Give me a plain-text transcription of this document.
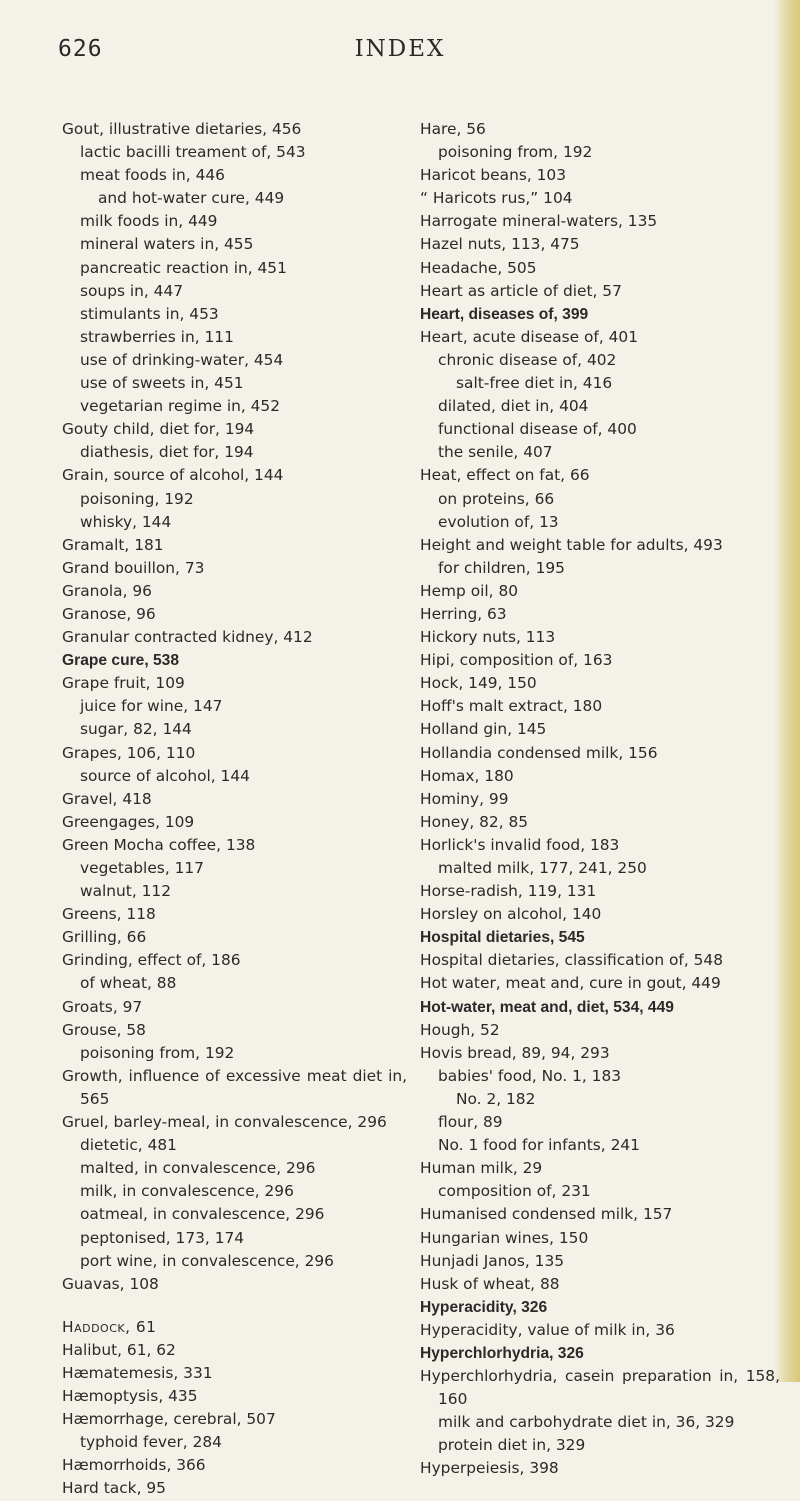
626	INDEX
Gout, illustrative dietaries, 456
lactic bacilli treament of, 543
meat foods in, 446
and hot-water cure, 449
milk foods in, 449
mineral waters in, 455
pancreatic reaction in, 451
soups in, 447
stimulants in, 453
strawberries in, 111
use of drinking-water, 454
use of sweets in, 451
vegetarian regime in, 452
Gouty child, diet for, 194
diathesis, diet for, 194
Grain, source of alcohol, 144
poisoning, 192
whisky, 144
Gramalt, 181
Grand bouillon, 73
Granola, 96
Granose, 96
Granular contracted kidney, 412
Grape cure, 538
Grape fruit, 109
juice for wine, 147
sugar, 82, 144
Grapes, 106, 110
source of alcohol, 144
Gravel, 418
Greengages, 109
Green Mocha coffee, 138
vegetables, 117
walnut, 112
Greens, 118
Grilling, 66
Grinding, effect of, 186
of wheat, 88
Groats, 97
Grouse, 58
poisoning from, 192
Growth, influence of excessive meat diet in, 565
Gruel, barley-meal, in convalescence, 296
dietetic, 481
malted, in convalescence, 296
milk, in convalescence, 296
oatmeal, in convalescence, 296
peptonised, 173, 174
port wine, in convalescence, 296
Guavas, 108
Haddock, 61
Halibut, 61, 62
Hæmatemesis, 331
Hæmoptysis, 435
Hæmorrhage, cerebral, 507
typhoid fever, 284
Hæmorrhoids, 366
Hard tack, 95
Hare, 56
poisoning from, 192
Haricot beans, 103
“ Haricots rus,” 104
Harrogate mineral-waters, 135
Hazel nuts, 113, 475
Headache, 505
Heart as article of diet, 57
Heart, diseases of, 399
Heart, acute disease of, 401
chronic disease of, 402
salt-free diet in, 416
dilated, diet in, 404
functional disease of, 400
the senile, 407
Heat, effect on fat, 66
on proteins, 66
evolution of, 13
Height and weight table for adults, 493
for children, 195
Hemp oil, 80
Herring, 63
Hickory nuts, 113
Hipi, composition of, 163
Hock, 149, 150
Hoff's malt extract, 180
Holland gin, 145
Hollandia condensed milk, 156
Homax, 180
Hominy, 99
Honey, 82, 85
Horlick's invalid food, 183
malted milk, 177, 241, 250
Horse-radish, 119, 131
Horsley on alcohol, 140
Hospital dietaries, 545
Hospital dietaries, classification of, 548
Hot water, meat and, cure in gout, 449
Hot-water, meat and, diet, 534, 449
Hough, 52
Hovis bread, 89, 94, 293
babies' food, No. 1, 183
No. 2, 182
flour, 89
No. 1 food for infants, 241
Human milk, 29
composition of, 231
Humanised condensed milk, 157
Hungarian wines, 150
Hunjadi Janos, 135
Husk of wheat, 88
Hyperacidity, 326
Hyperacidity, value of milk in, 36
Hyperchlorhydria, 326
Hyperchlorhydria, casein preparation in, 158, 160
milk and carbohydrate diet in, 36, 329
protein diet in, 329
Hyperpeiesis, 398
